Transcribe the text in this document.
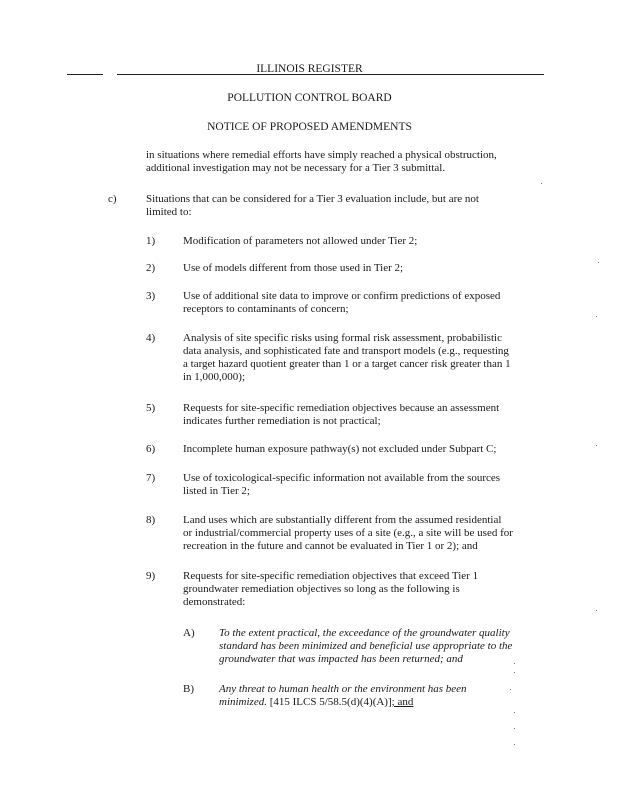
ILLINOIS REGISTER
POLLUTION CONTROL BOARD
NOTICE OF PROPOSED AMENDMENTS
in situations where remedial efforts have simply reached a physical obstruction,
additional investigation may not be necessary for a Tier 3 submittal.
c)	Situations that can be considered for a Tier 3 evaluation include, but are not
limited to:
1)	Modification of parameters not allowed under Tier 2;
2)	Use of models different from those used in Tier 2;
3)	Use of additional site data to improve or confirm predictions of exposed
receptors to contaminants of concern;
4)	Analysis of site specific risks using formal risk assessment, probabilistic
data analysis, and sophisticated fate and transport models (e.g., requesting
a target hazard quotient greater than 1 or a target cancer risk greater than 1
in 1,000,000);
5)	Requests for site-specific remediation objectives because an assessment
indicates further remediation is not practical;
6)	Incomplete human exposure pathway(s) not excluded under Subpart C;
7)	Use of toxicological-specific information not available from the sources
listed in Tier 2;
8)	Land uses which are substantially different from the assumed residential
or industrial/commercial property uses of a site (e.g., a site will be used for
recreation in the future and cannot be evaluated in Tier 1 or 2); and
9)	Requests for site-specific remediation objectives that exceed Tier 1
groundwater remediation objectives so long as the following is
demonstrated:
A) To the extent practical, the exceedance of the groundwater quality
standard has been minimized and beneficial use appropriate to the
groundwater that was impacted has been returned; and
B) Any threat to human health or the environment has been
minimized. [415 ILCS 5/58.5(d)(4)(A)]; and
